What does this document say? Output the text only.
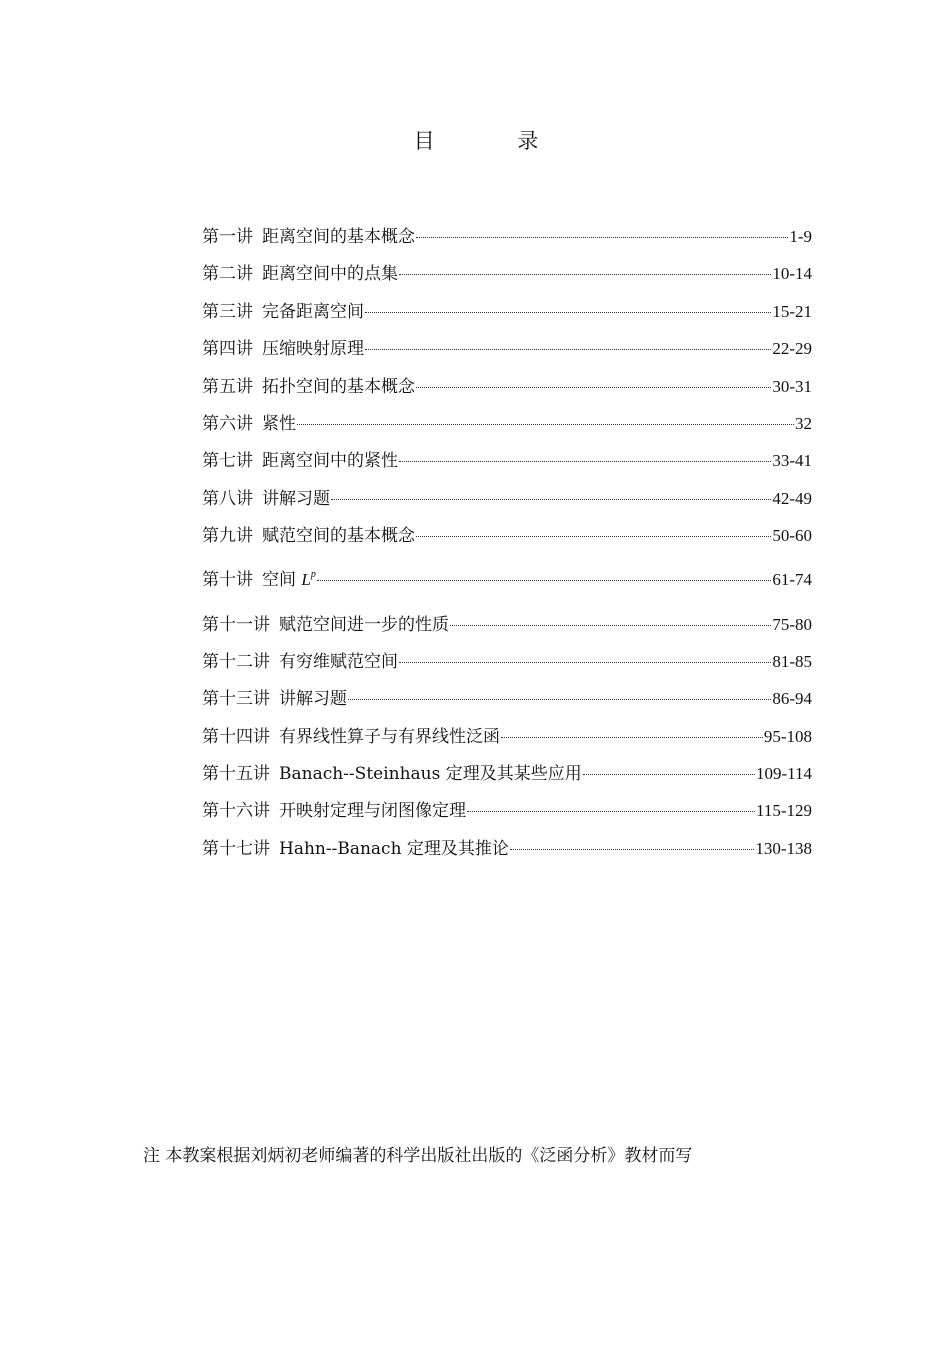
目 录
第一讲 距离空间的基本概念	1-9
第二讲 距离空间中的点集	10-14
第三讲 完备距离空间	15-21
第四讲 压缩映射原理	22-29
第五讲 拓扑空间的基本概念	30-31
第六讲 紧性	32
第七讲 距离空间中的紧性	33-41
第八讲 讲解习题	42-49
第九讲 赋范空间的基本概念	50-60
第十讲 空间 $L^p$	61-74
第十一讲 赋范空间进一步的性质	75-80
第十二讲 有穷维赋范空间	81-85
第十三讲 讲解习题	86-94
第十四讲 有界线性算子与有界线性泛函	95-108
第十五讲 Banach--Steinhaus 定理及其某些应用	109-114
第十六讲 开映射定理与闭图像定理	115-129
第十七讲 Hahn--Banach 定理及其推论	130-138

注 本教案根据刘炳初老师编著的科学出版社出版的《泛函分析》教材而写
